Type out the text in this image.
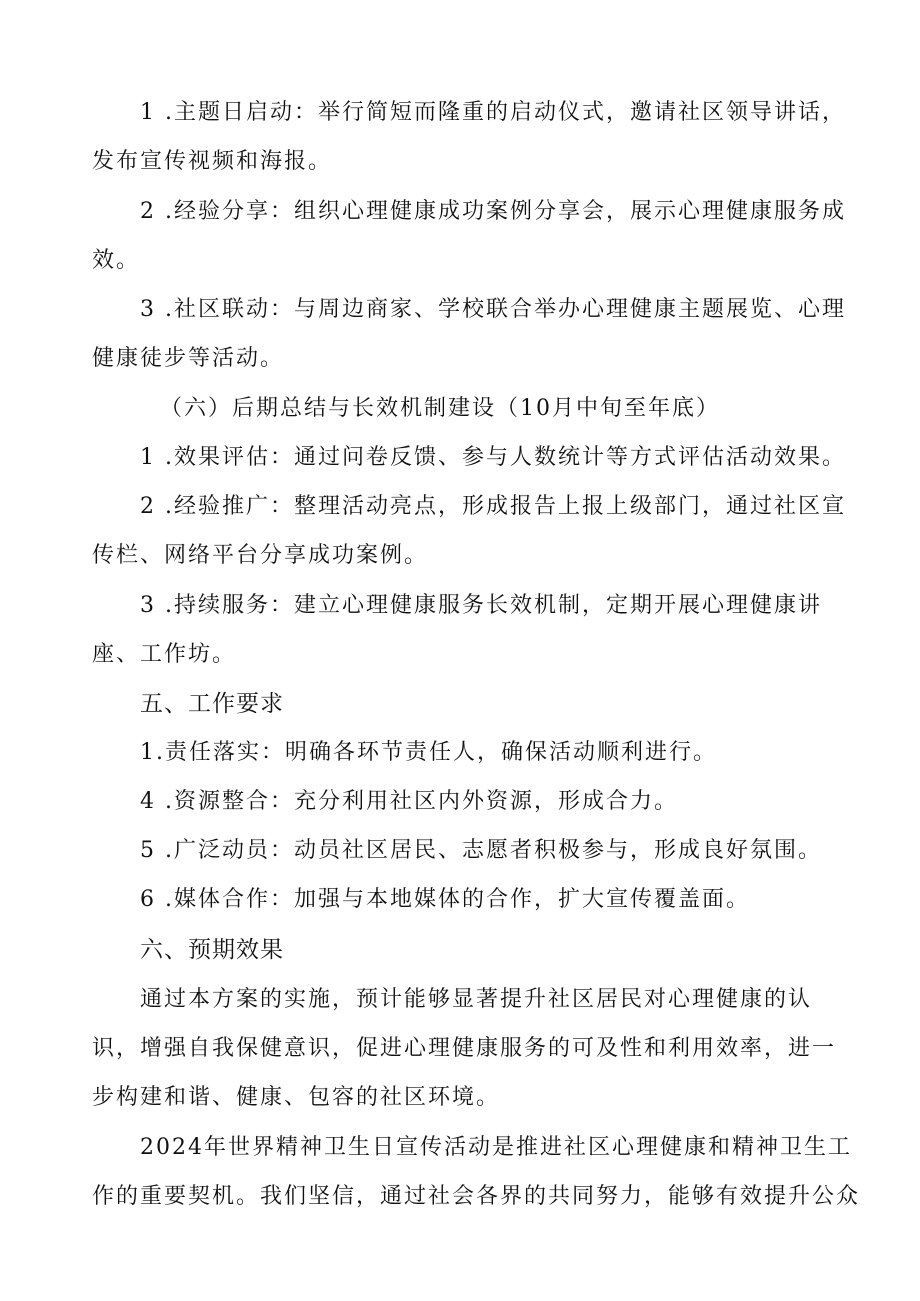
1 .主题日启动：举行简短而隆重的启动仪式，邀请社区领导讲话，
发布宣传视频和海报。
2 .经验分享：组织心理健康成功案例分享会，展示心理健康服务成
效。
3 .社区联动：与周边商家、学校联合举办心理健康主题展览、心理
健康徒步等活动。
（六）后期总结与长效机制建设（10月中旬至年底）
1 .效果评估：通过问卷反馈、参与人数统计等方式评估活动效果。
2 .经验推广：整理活动亮点，形成报告上报上级部门，通过社区宣
传栏、网络平台分享成功案例。
3 .持续服务：建立心理健康服务长效机制，定期开展心理健康讲
座、工作坊。
五、工作要求
1.责任落实：明确各环节责任人，确保活动顺利进行。
4 .资源整合：充分利用社区内外资源，形成合力。
5 .广泛动员：动员社区居民、志愿者积极参与，形成良好氛围。
6 .媒体合作：加强与本地媒体的合作，扩大宣传覆盖面。
六、预期效果
通过本方案的实施，预计能够显著提升社区居民对心理健康的认
识，增强自我保健意识，促进心理健康服务的可及性和利用效率，进一
步构建和谐、健康、包容的社区环境。
2024年世界精神卫生日宣传活动是推进社区心理健康和精神卫生工
作的重要契机。我们坚信，通过社会各界的共同努力，能够有效提升公众
